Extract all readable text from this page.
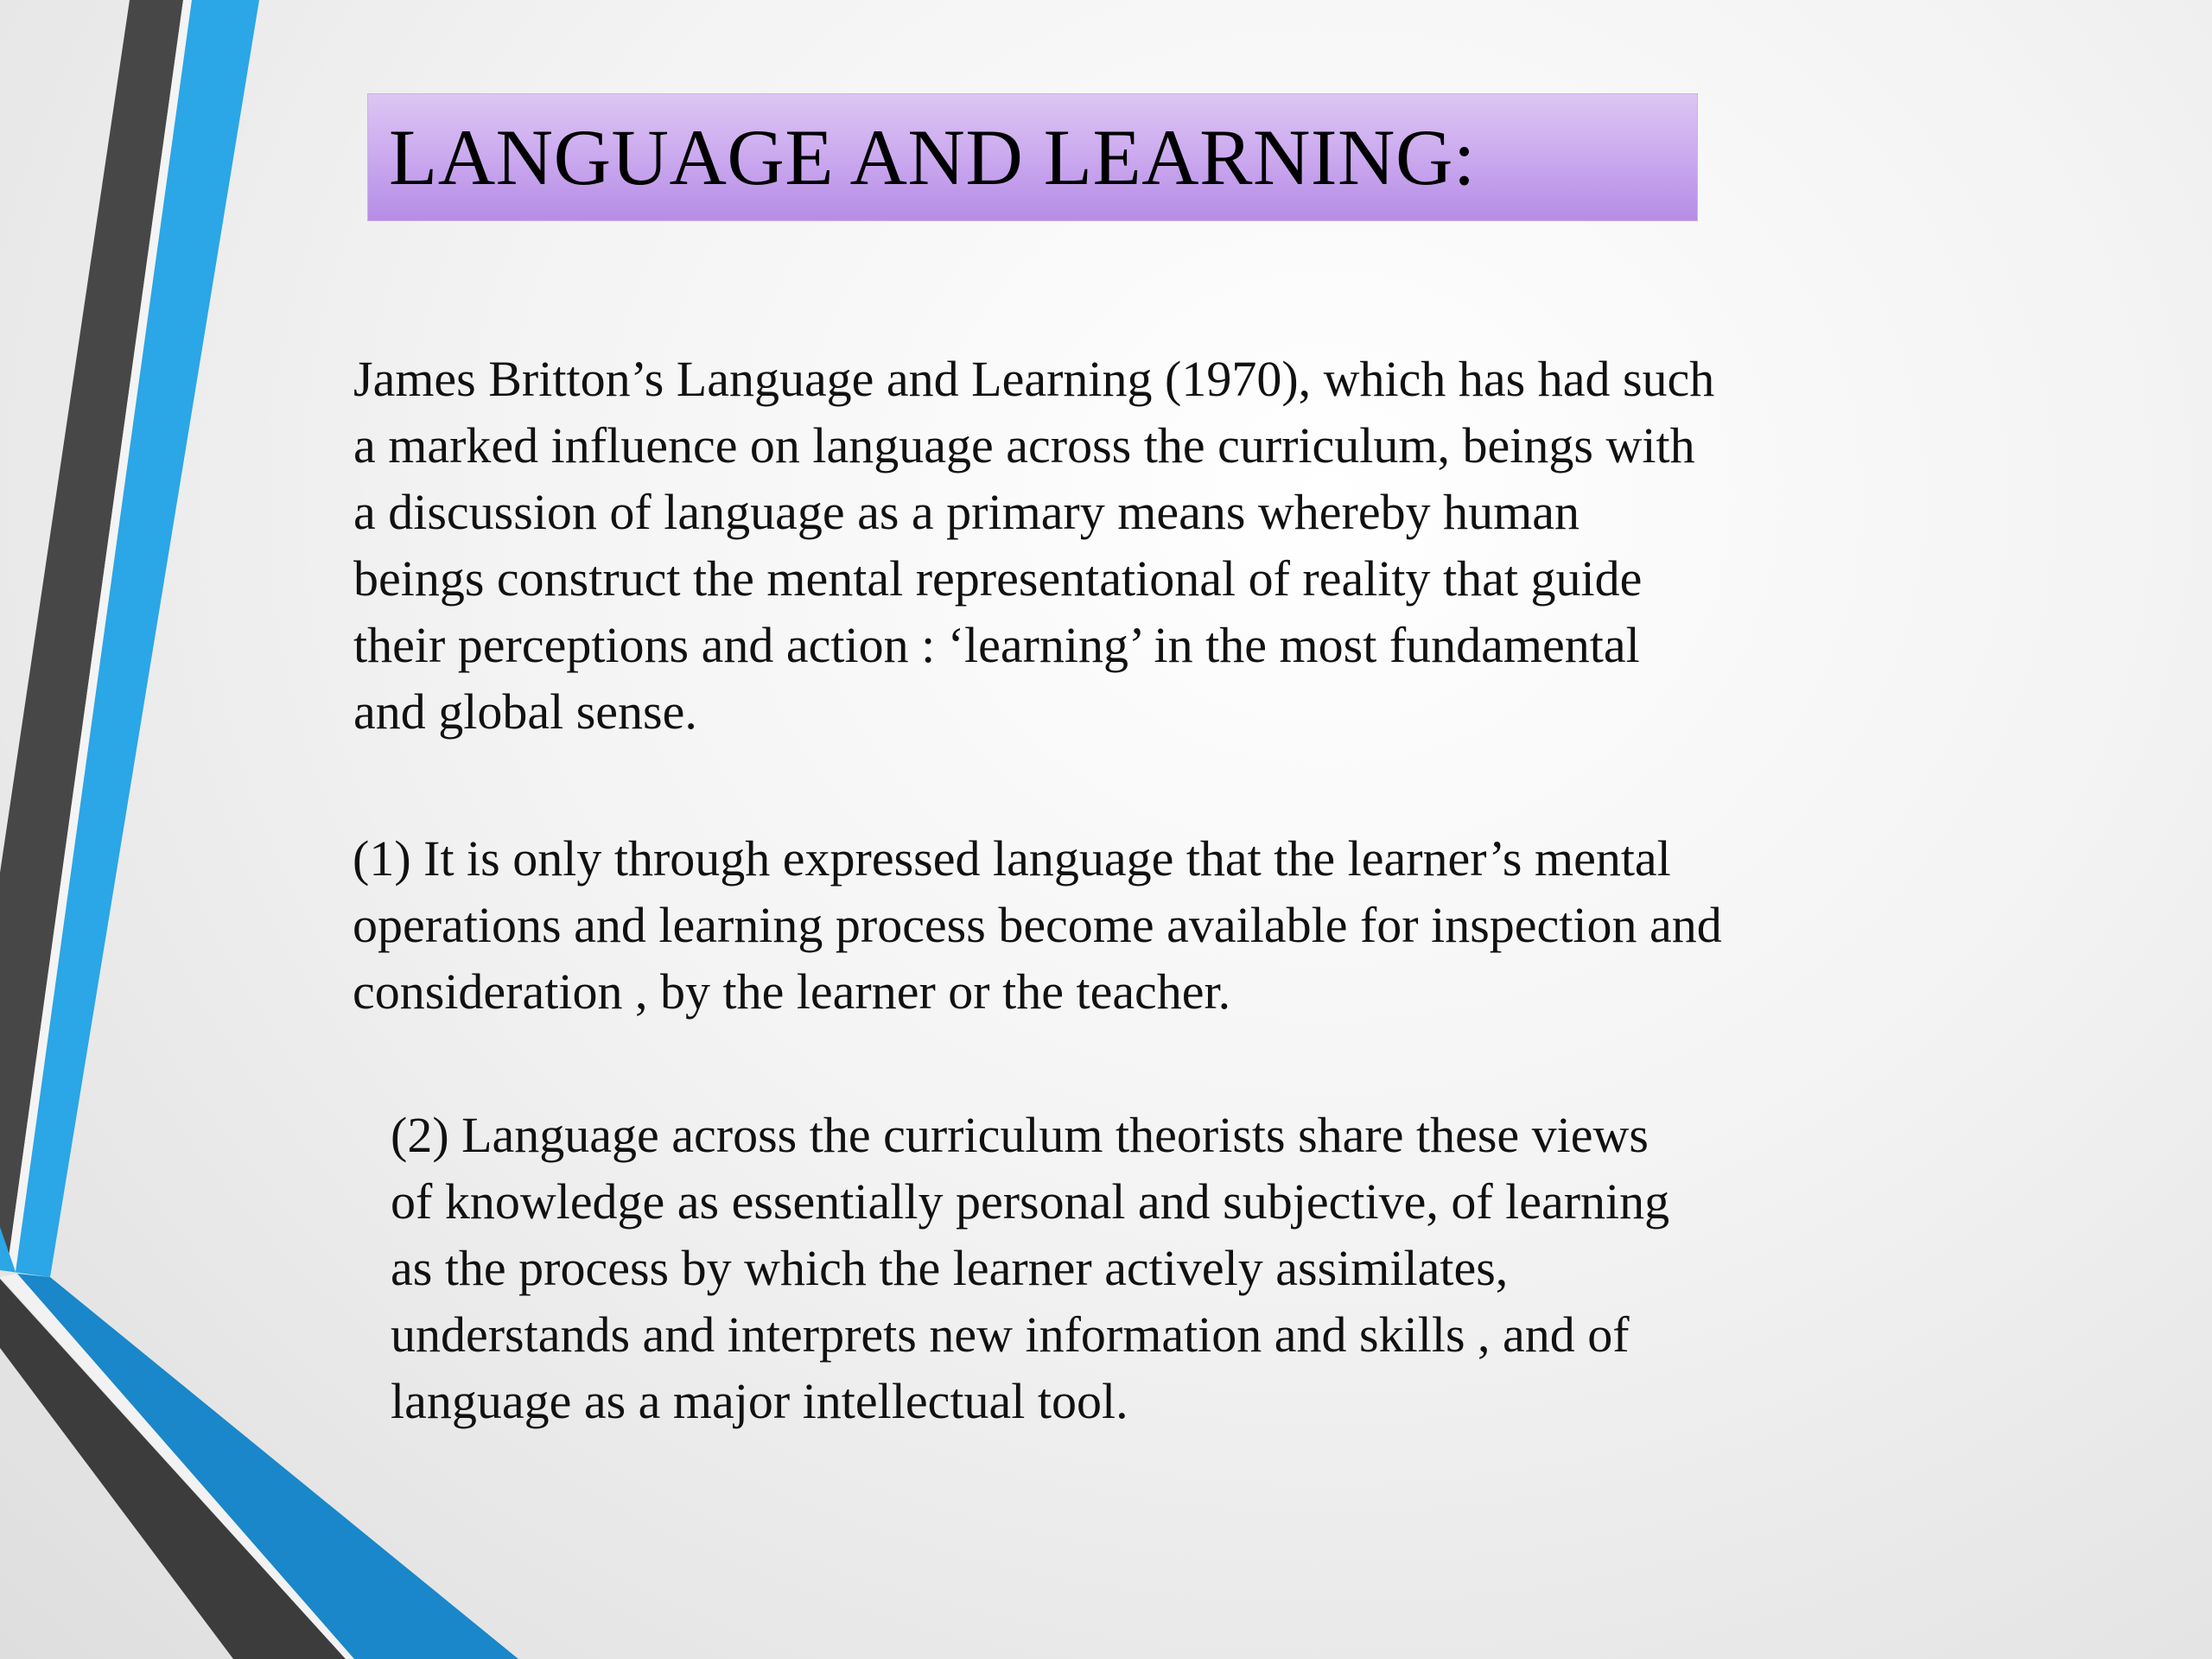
LANGUAGE AND LEARNING:
James Britton’s Language and Learning (1970), which has had such
a marked influence on language across the curriculum, beings with
a discussion of language as a primary means whereby human
beings construct the mental representational of reality that guide
their perceptions and action : ‘learning’ in the most fundamental
and global sense.
(1) It is only through expressed language that the learner’s mental
operations and learning process become available for inspection and
consideration , by the learner or the teacher.
(2) Language across the curriculum theorists share these views
of knowledge as essentially personal and subjective, of learning
as the process by which the learner actively assimilates,
understands and interprets new information and skills , and of
language as a major intellectual tool.
